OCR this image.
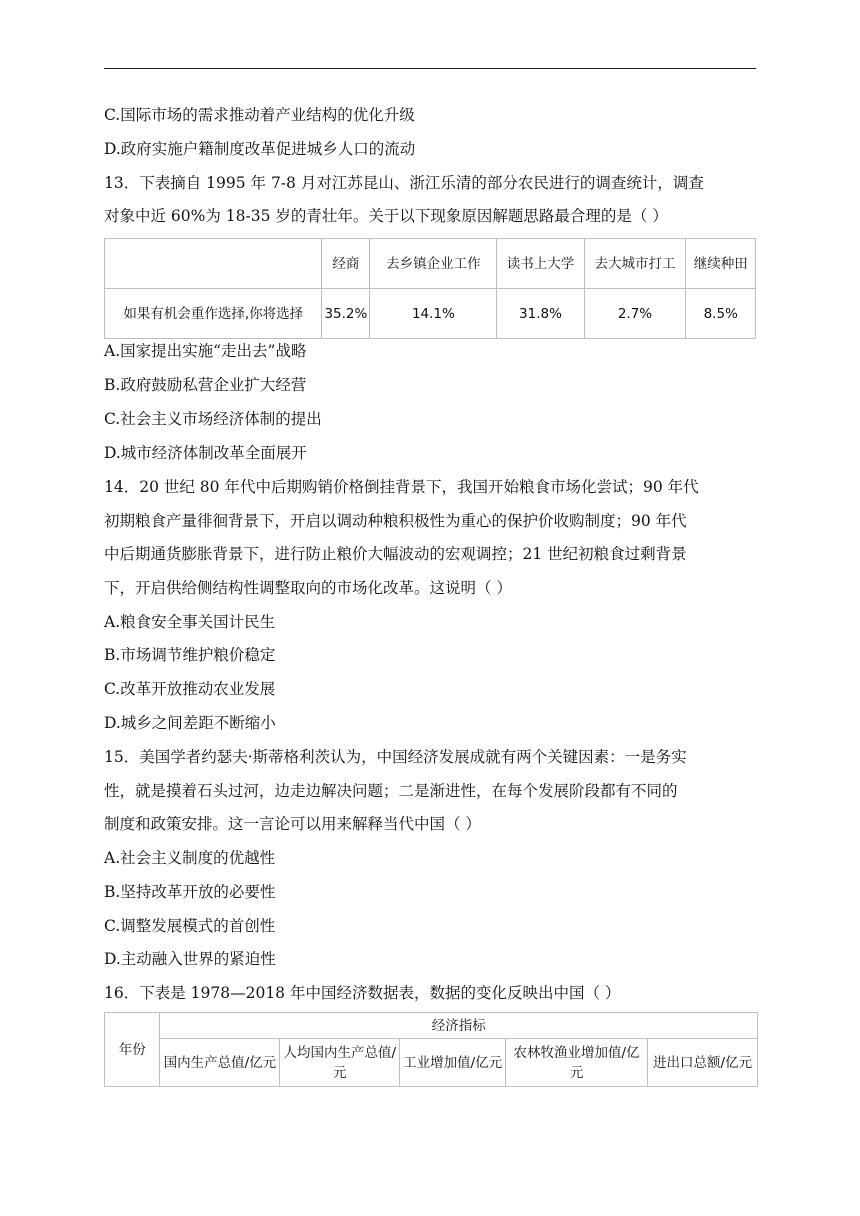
C.国际市场的需求推动着产业结构的优化升级
D.政府实施户籍制度改革促进城乡人口的流动
13．下表摘自 1995 年 7-8 月对江苏昆山、浙江乐清的部分农民进行的调查统计，调查
对象中近 60%为 18-35 岁的青壮年。关于以下现象原因解题思路最合理的是（ ）
	经商	去乡镇企业工作	读书上大学	去大城市打工	继续种田
如果有机会重作选择,你将选择	35.2%	14.1%	31.8%	2.7%	8.5%
A.国家提出实施“走出去”战略
B.政府鼓励私营企业扩大经营
C.社会主义市场经济体制的提出
D.城市经济体制改革全面展开
14．20 世纪 80 年代中后期购销价格倒挂背景下，我国开始粮食市场化尝试；90 年代
初期粮食产量徘徊背景下，开启以调动种粮积极性为重心的保护价收购制度；90 年代
中后期通货膨胀背景下，进行防止粮价大幅波动的宏观调控；21 世纪初粮食过剩背景
下，开启供给侧结构性调整取向的市场化改革。这说明（ ）
A.粮食安全事关国计民生
B.市场调节维护粮价稳定
C.改革开放推动农业发展
D.城乡之间差距不断缩小
15．美国学者约瑟夫·斯蒂格利茨认为，中国经济发展成就有两个关键因素：一是务实
性，就是摸着石头过河，边走边解决问题；二是渐进性，在每个发展阶段都有不同的
制度和政策安排。这一言论可以用来解释当代中国（ ）
A.社会主义制度的优越性
B.坚持改革开放的必要性
C.调整发展模式的首创性
D.主动融入世界的紧迫性
16．下表是 1978—2018 年中国经济数据表，数据的变化反映出中国（ ）
年份	经济指标				
	国内生产总值/亿元	人均国内生产总值/元	工业增加值/亿元	农林牧渔业增加值/亿元	进出口总额/亿元
